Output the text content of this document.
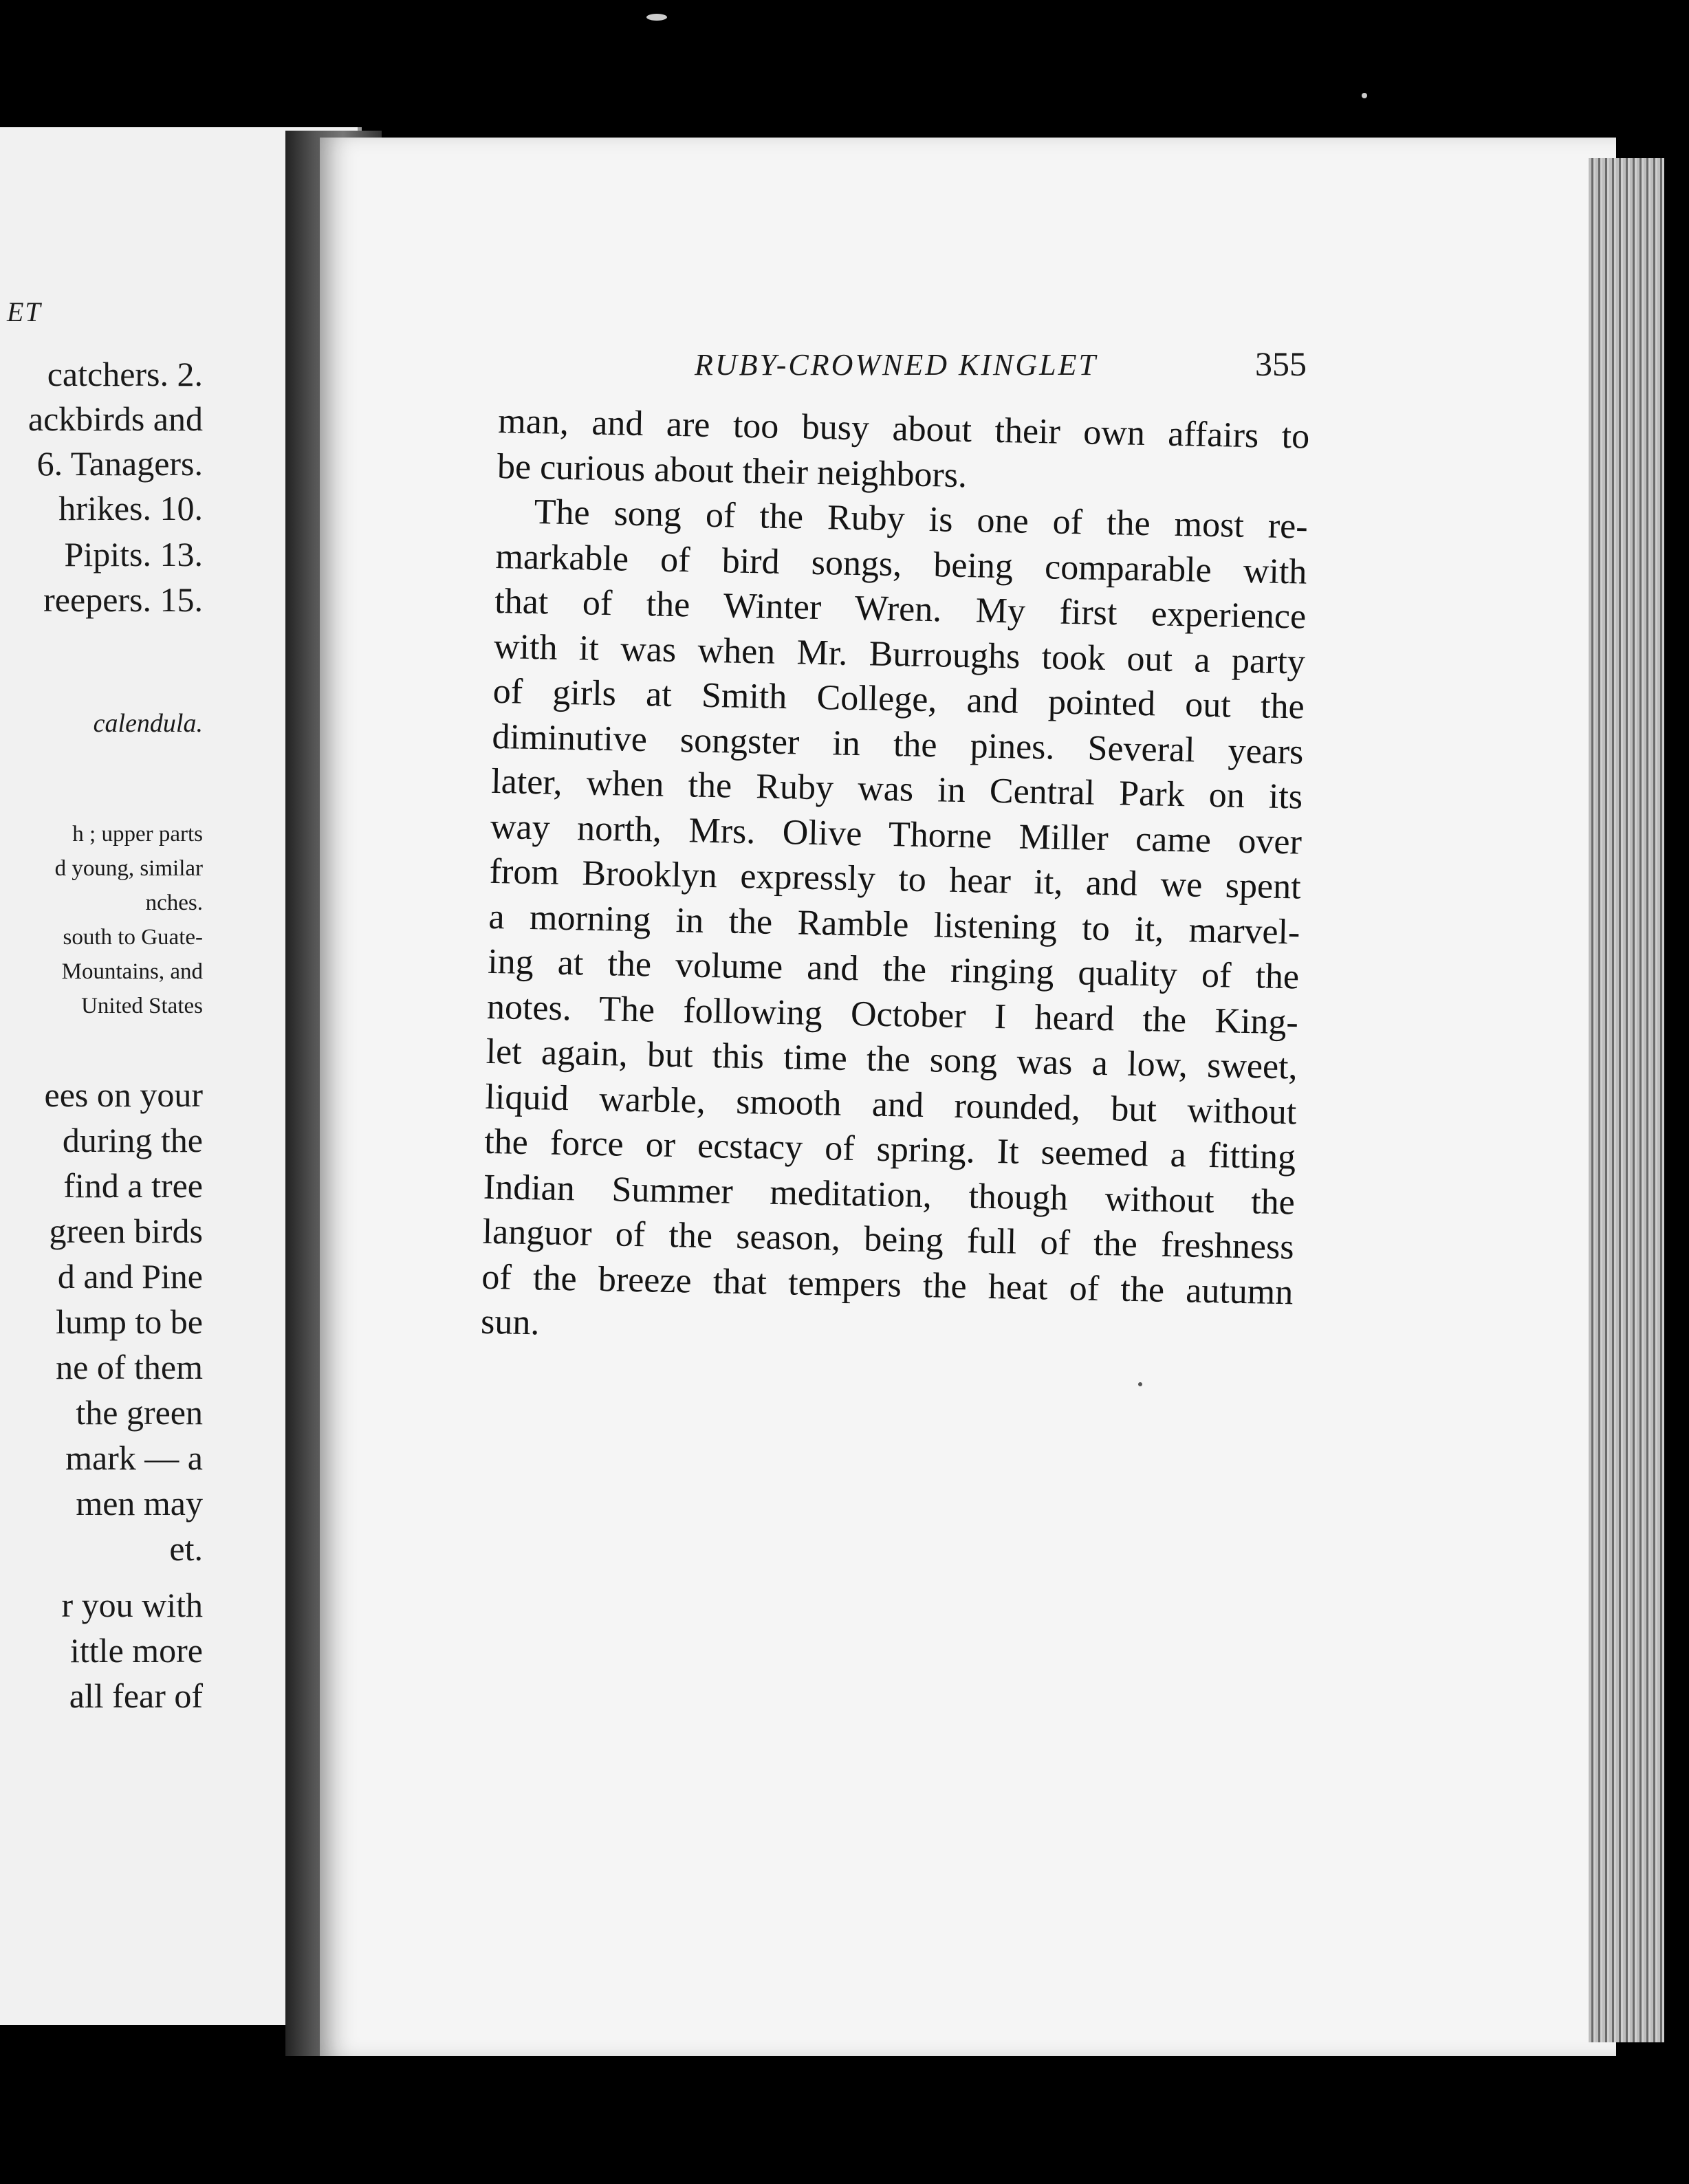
ET
catchers. 2.
ackbirds and
6. Tanagers.
hrikes. 10.
Pipits. 13.
reepers. 15.
calendula.
h ; upper parts
d young, similar
nches.
south to Guate-
Mountains, and
United States
ees on your
during the
find a tree
green birds
d and Pine
lump to be
ne of them
the green
mark — a
men may
et.
r you with
ittle more
all fear of
RUBY-CROWNED KINGLET	355
man, and are too busy about their own affairs to
be curious about their neighbors.
The song of the Ruby is one of the most re-
markable of bird songs, being comparable with
that of the Winter Wren. My first experience
with it was when Mr. Burroughs took out a party
of girls at Smith College, and pointed out the
diminutive songster in the pines. Several years
later, when the Ruby was in Central Park on its
way north, Mrs. Olive Thorne Miller came over
from Brooklyn expressly to hear it, and we spent
a morning in the Ramble listening to it, marvel-
ing at the volume and the ringing quality of the
notes. The following October I heard the King-
let again, but this time the song was a low, sweet,
liquid warble, smooth and rounded, but without
the force or ecstacy of spring. It seemed a fitting
Indian Summer meditation, though without the
languor of the season, being full of the freshness
of the breeze that tempers the heat of the autumn
sun.
